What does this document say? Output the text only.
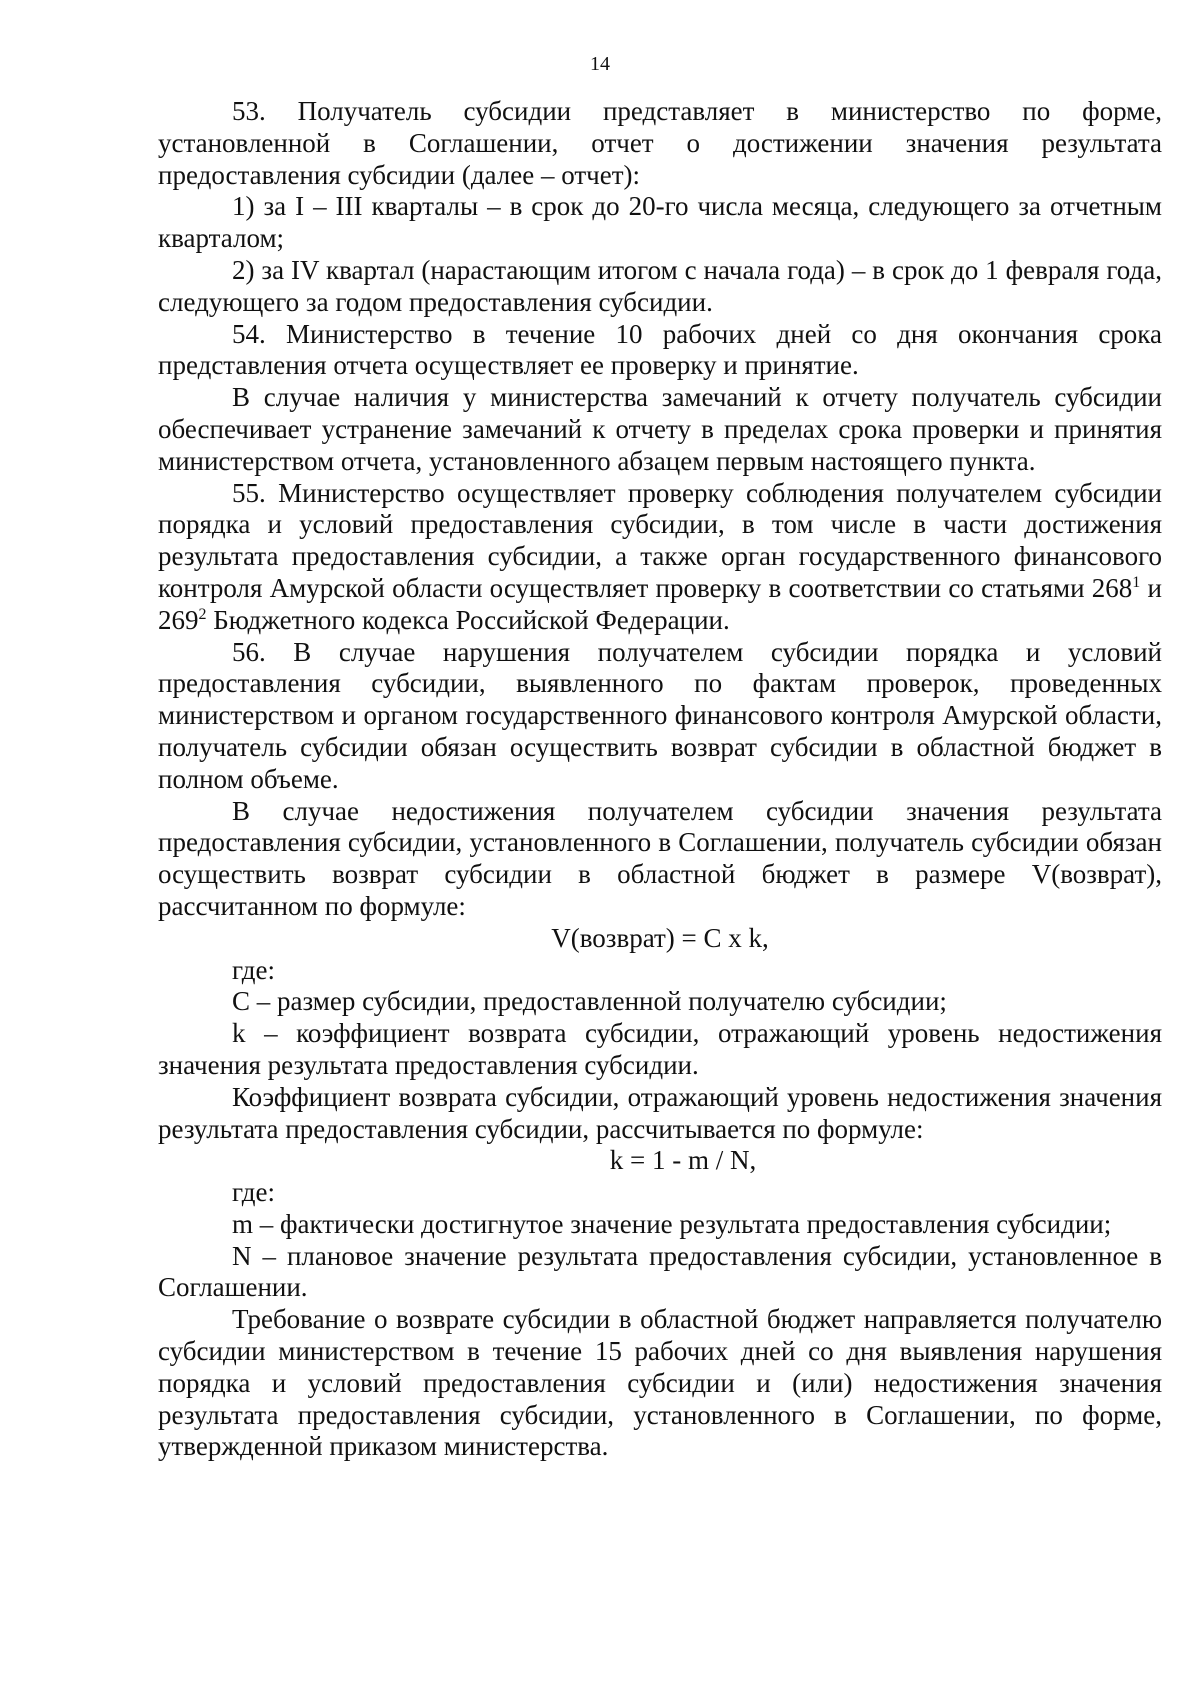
14

53. Получатель субсидии представляет в министерство по форме, установленной в Соглашении, отчет о достижении значения результата предоставления субсидии (далее – отчет):

1) за I – III кварталы – в срок до 20-го числа месяца, следующего за отчетным кварталом;

2) за IV квартал (нарастающим итогом с начала года) – в срок до 1 февраля года, следующего за годом предоставления субсидии.

54. Министерство в течение 10 рабочих дней со дня окончания срока представления отчета осуществляет ее проверку и принятие.

В случае наличия у министерства замечаний к отчету получатель субсидии обеспечивает устранение замечаний к отчету в пределах срока проверки и принятия министерством отчета, установленного абзацем первым настоящего пункта.

55. Министерство осуществляет проверку соблюдения получателем субсидии порядка и условий предоставления субсидии, в том числе в части достижения результата предоставления субсидии, а также орган государственного финансового контроля Амурской области осуществляет проверку в соответствии со статьями $268^1$ и $269^2$ Бюджетного кодекса Российской Федерации.

56. В случае нарушения получателем субсидии порядка и условий предоставления субсидии, выявленного по фактам проверок, проведенных министерством и органом государственного финансового контроля Амурской области, получатель субсидии обязан осуществить возврат субсидии в областной бюджет в полном объеме.

В случае недостижения получателем субсидии значения результата предоставления субсидии, установленного в Соглашении, получатель субсидии обязан осуществить возврат субсидии в областной бюджет в размере V(возврат), рассчитанном по формуле:

V(возврат) = C x k,

где:

C – размер субсидии, предоставленной получателю субсидии;

k – коэффициент возврата субсидии, отражающий уровень недостижения значения результата предоставления субсидии.

Коэффициент возврата субсидии, отражающий уровень недостижения значения результата предоставления субсидии, рассчитывается по формуле:

k = 1 - m / N,

где:

m – фактически достигнутое значение результата предоставления субсидии;

N – плановое значение результата предоставления субсидии, установленное в Соглашении.

Требование о возврате субсидии в областной бюджет направляется получателю субсидии министерством в течение 15 рабочих дней со дня выявления нарушения порядка и условий предоставления субсидии и (или) недостижения значения результата предоставления субсидии, установленного в Соглашении, по форме, утвержденной приказом министерства.
